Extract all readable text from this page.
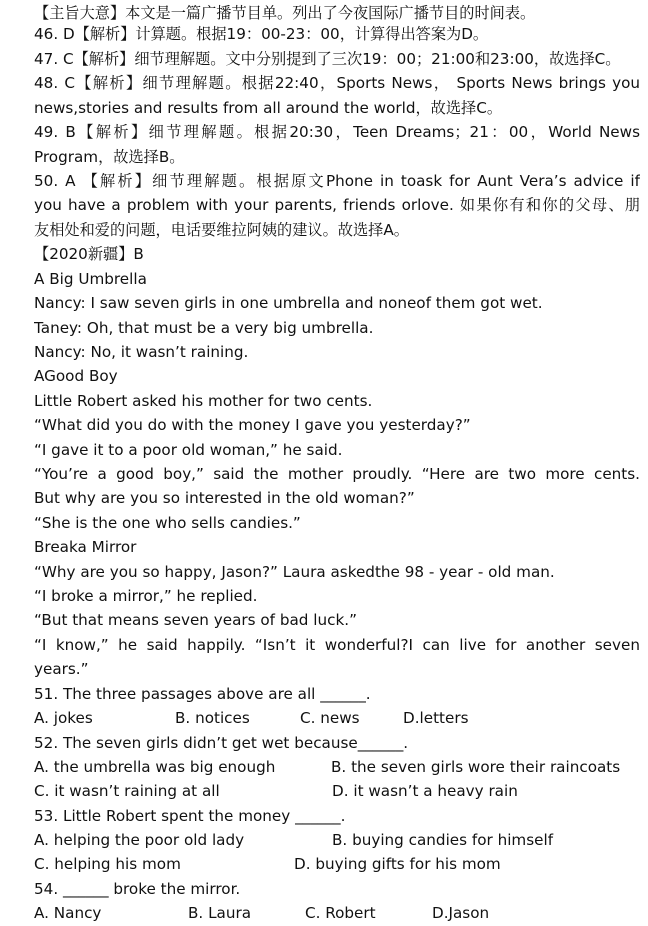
【主旨大意】本文是一篇广播节目单。列出了今夜国际广播节目的时间表。
46. D【解析】计算题。根据19：00-23：00，计算得出答案为D。
47. C【解析】细节理解题。文中分别提到了三次19：00；21:00和23:00，故选择C。
48. C【解析】细节理解题。根据22:40，Sports News， Sports News brings you
news,stories and results from all around the world，故选择C。
49. B【解析】细节理解题。根据20:30，Teen Dreams；21：00，World News
Program，故选择B。
50. A 【解析】细节理解题。根据原文Phone in toask for Aunt Vera’s advice if
you have a problem with your parents, friends orlove. 如果你有和你的父母、朋
友相处和爱的问题，电话要维拉阿姨的建议。故选择A。
【2020新疆】B
A Big Umbrella
Nancy: I saw seven girls in one umbrella and noneof them got wet.
Taney: Oh, that must be a very big umbrella.
Nancy: No, it wasn’t raining.
AGood Boy
Little Robert asked his mother for two cents.
“What did you do with the money I gave you yesterday?”
“I gave it to a poor old woman,” he said.
“You’re a good boy,” said the mother proudly. “Here are two more cents.
But why are you so interested in the old woman?”
“She is the one who sells candies.”
Breaka Mirror
“Why are you so happy, Jason?” Laura askedthe 98 - year - old man.
“I broke a mirror,” he replied.
“But that means seven years of bad luck.”
“I know,” he said happily. “Isn’t it wonderful?I can live for another seven
years.”
51. The three passages above are all ______.
A. jokes	B. notices	C. news	D.letters
52. The seven girls didn’t get wet because______.
A. the umbrella was big enough	B. the seven girls wore their raincoats
C. it wasn’t raining at all	D. it wasn’t a heavy rain
53. Little Robert spent the money ______.
A. helping the poor old lady	B. buying candies for himself
C. helping his mom	D. buying gifts for his mom
54. ______ broke the mirror.
A. Nancy	B. Laura	C. Robert	D.Jason
